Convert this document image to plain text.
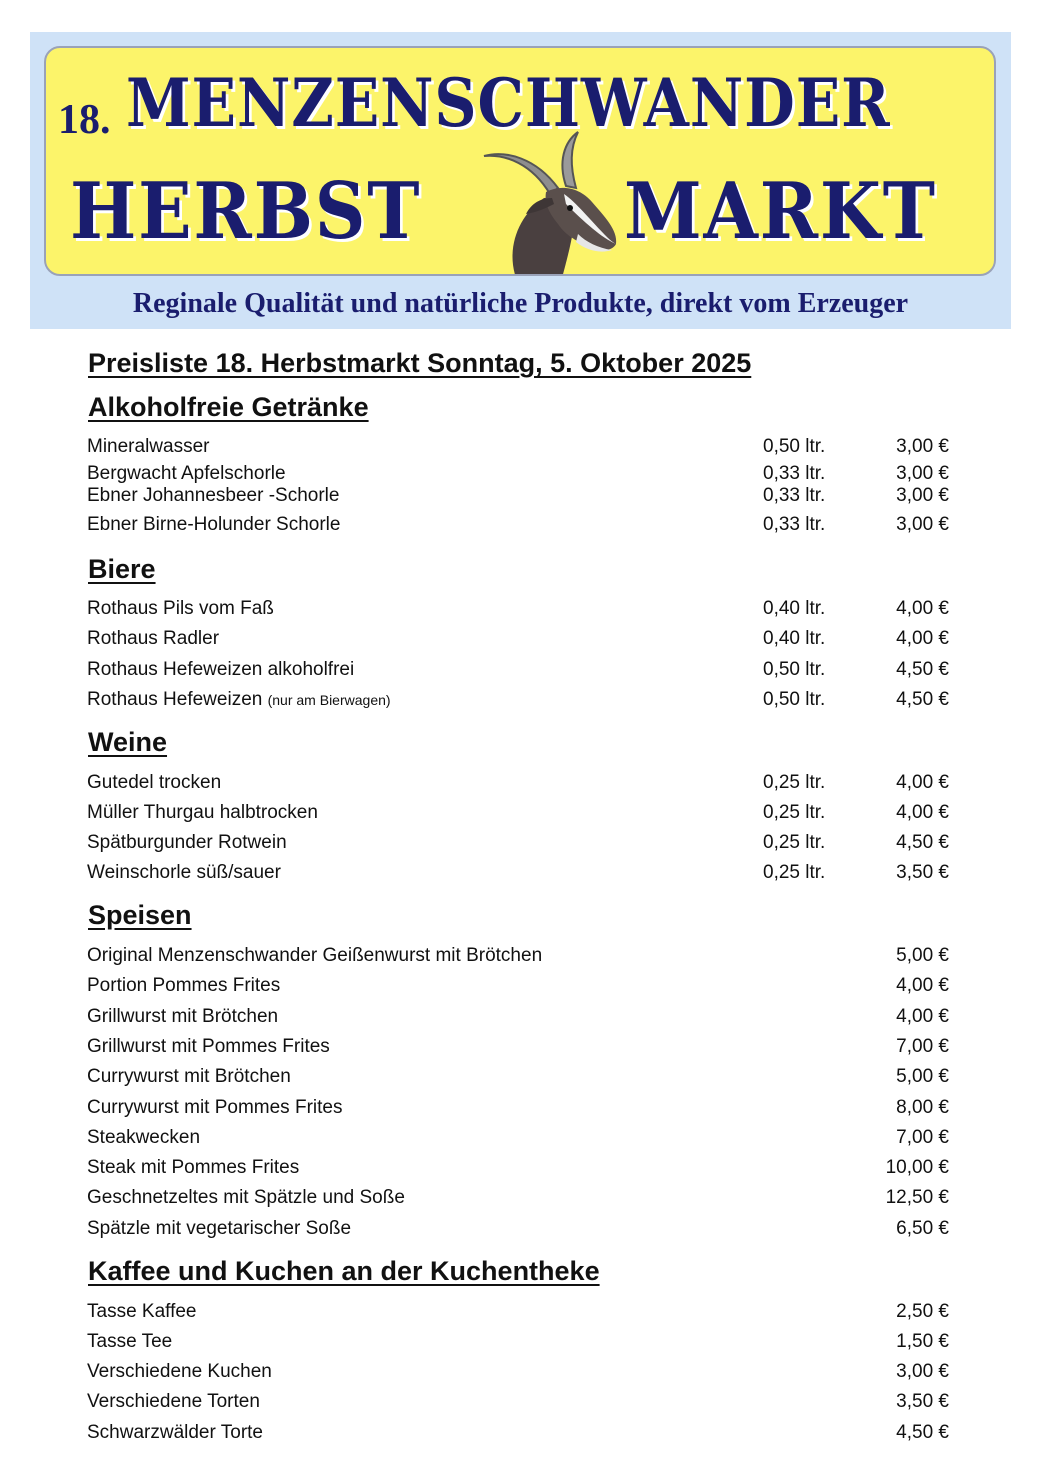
18. MENZENSCHWANDER
HERBST	MARKT
Reginale Qualität und natürliche Produkte, direkt vom Erzeuger
Preisliste 18. Herbstmarkt Sonntag, 5. Oktober 2025
Alkoholfreie Getränke
Mineralwasser	0,50 ltr.	3,00 €
Bergwacht Apfelschorle	0,33 ltr.	3,00 €
Ebner Johannesbeer -Schorle	0,33 ltr.	3,00 €
Ebner Birne-Holunder Schorle	0,33 ltr.	3,00 €
Biere
Rothaus Pils vom Faß	0,40 ltr.	4,00 €
Rothaus Radler	0,40 ltr.	4,00 €
Rothaus Hefeweizen alkoholfrei	0,50 ltr.	4,50 €
Rothaus Hefeweizen (nur am Bierwagen)	0,50 ltr.	4,50 €
Weine
Gutedel trocken	0,25 ltr.	4,00 €
Müller Thurgau halbtrocken	0,25 ltr.	4,00 €
Spätburgunder Rotwein	0,25 ltr.	4,50 €
Weinschorle süß/sauer	0,25 ltr.	3,50 €
Speisen
Original Menzenschwander Geißenwurst mit Brötchen	5,00 €
Portion Pommes Frites	4,00 €
Grillwurst mit Brötchen	4,00 €
Grillwurst mit Pommes Frites	7,00 €
Currywurst mit Brötchen	5,00 €
Currywurst mit Pommes Frites	8,00 €
Steakwecken	7,00 €
Steak mit Pommes Frites	10,00 €
Geschnetzeltes mit Spätzle und Soße	12,50 €
Spätzle mit vegetarischer Soße	6,50 €
Kaffee und Kuchen an der Kuchentheke
Tasse Kaffee	2,50 €
Tasse Tee	1,50 €
Verschiedene Kuchen	3,00 €
Verschiedene Torten	3,50 €
Schwarzwälder Torte	4,50 €
